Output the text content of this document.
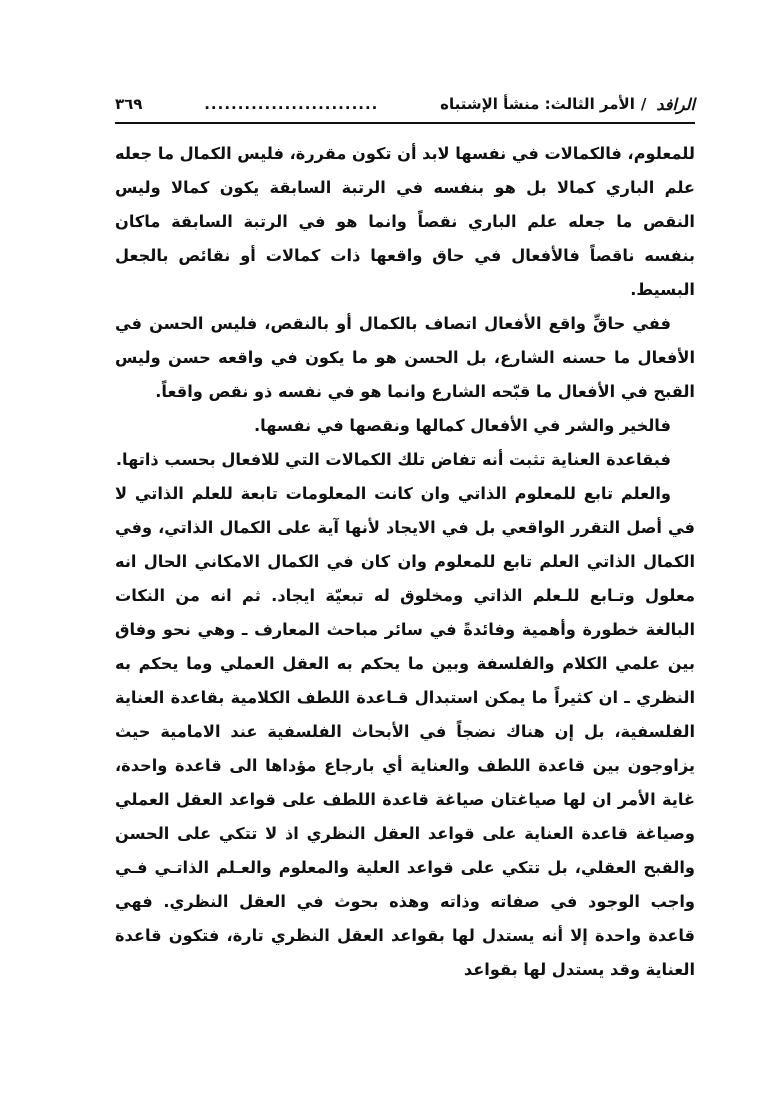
الرافد
/
الأمر الثالث: منشأ الإشتباه
..........................
٣٦٩

للمعلوم، فالكمالات في نفسها لابد أن تكون مقررة، فليس الكمال ما جعله علم الباري كمالا بل هو بنفسه في الرتبة السابقة يكون كمالا وليس النقص ما جعله علم الباري نقصاً وانما هو في الرتبة السابقة ماكان بنفسه ناقصاً فالأفعال في حاق واقعها ذات كمالات أو نقائص بالجعل البسيط.

ففي حاقِّ واقع الأفعال اتصاف بالكمال أو بالنقص، فليس الحسن في الأفعال ما حسنه الشارع، بل الحسن هو ما يكون في واقعه حسن وليس القبح في الأفعال ما قبّحه الشارع وانما هو في نفسه ذو نقص واقعاً.

فالخير والشر في الأفعال كمالها ونقصها في نفسها.

فبقاعدة العناية تثبت أنه تفاض تلك الكمالات التي للافعال بحسب ذاتها.

والعلم تابع للمعلوم الذاتي وان كانت المعلومات تابعة للعلم الذاتي لا في أصل التقرر الواقعي بل في الايجاد لأنها آية على الكمال الذاتي، وفي الكمال الذاتي العلم تابع للمعلوم وان كان في الكمال الامكاني الحال انه معلول وتـابع للـعلم الذاتي ومخلوق له تبعيّة ايجاد. ثم انه من النكات البالغة خطورة وأهمية وفائدةً في سائر مباحث المعارف ـ وهي نحو وفاق بين علمي الكلام والفلسفة وبين ما يحكم به العقل العملي وما يحكم به النظري ـ ان كثيراً ما يمكن استبدال قـاعدة اللطف الكلامية بقاعدة العناية الفلسفية، بل إن هناك نضجاً في الأبحاث الفلسفية عند الامامية حيث يزاوجون بين قاعدة اللطف والعناية أي بارجاع مؤداها الى قاعدة واحدة، غاية الأمر ان لها صياغتان صياغة قاعدة اللطف على قواعد العقل العملي وصياغة قاعدة العناية على قواعد العقل النظري اذ لا تتكي على الحسن والقبح العقلي، بل تتكي على قواعد العلية والمعلوم والعـلم الذاتـي فـي واجب الوجود في صفاته وذاته وهذه بحوث في العقل النظري. فهي قاعدة واحدة إلا أنه يستدل لها بقواعد العقل النظري تارة، فتكون قاعدة العناية وقد يستدل لها بقواعد
